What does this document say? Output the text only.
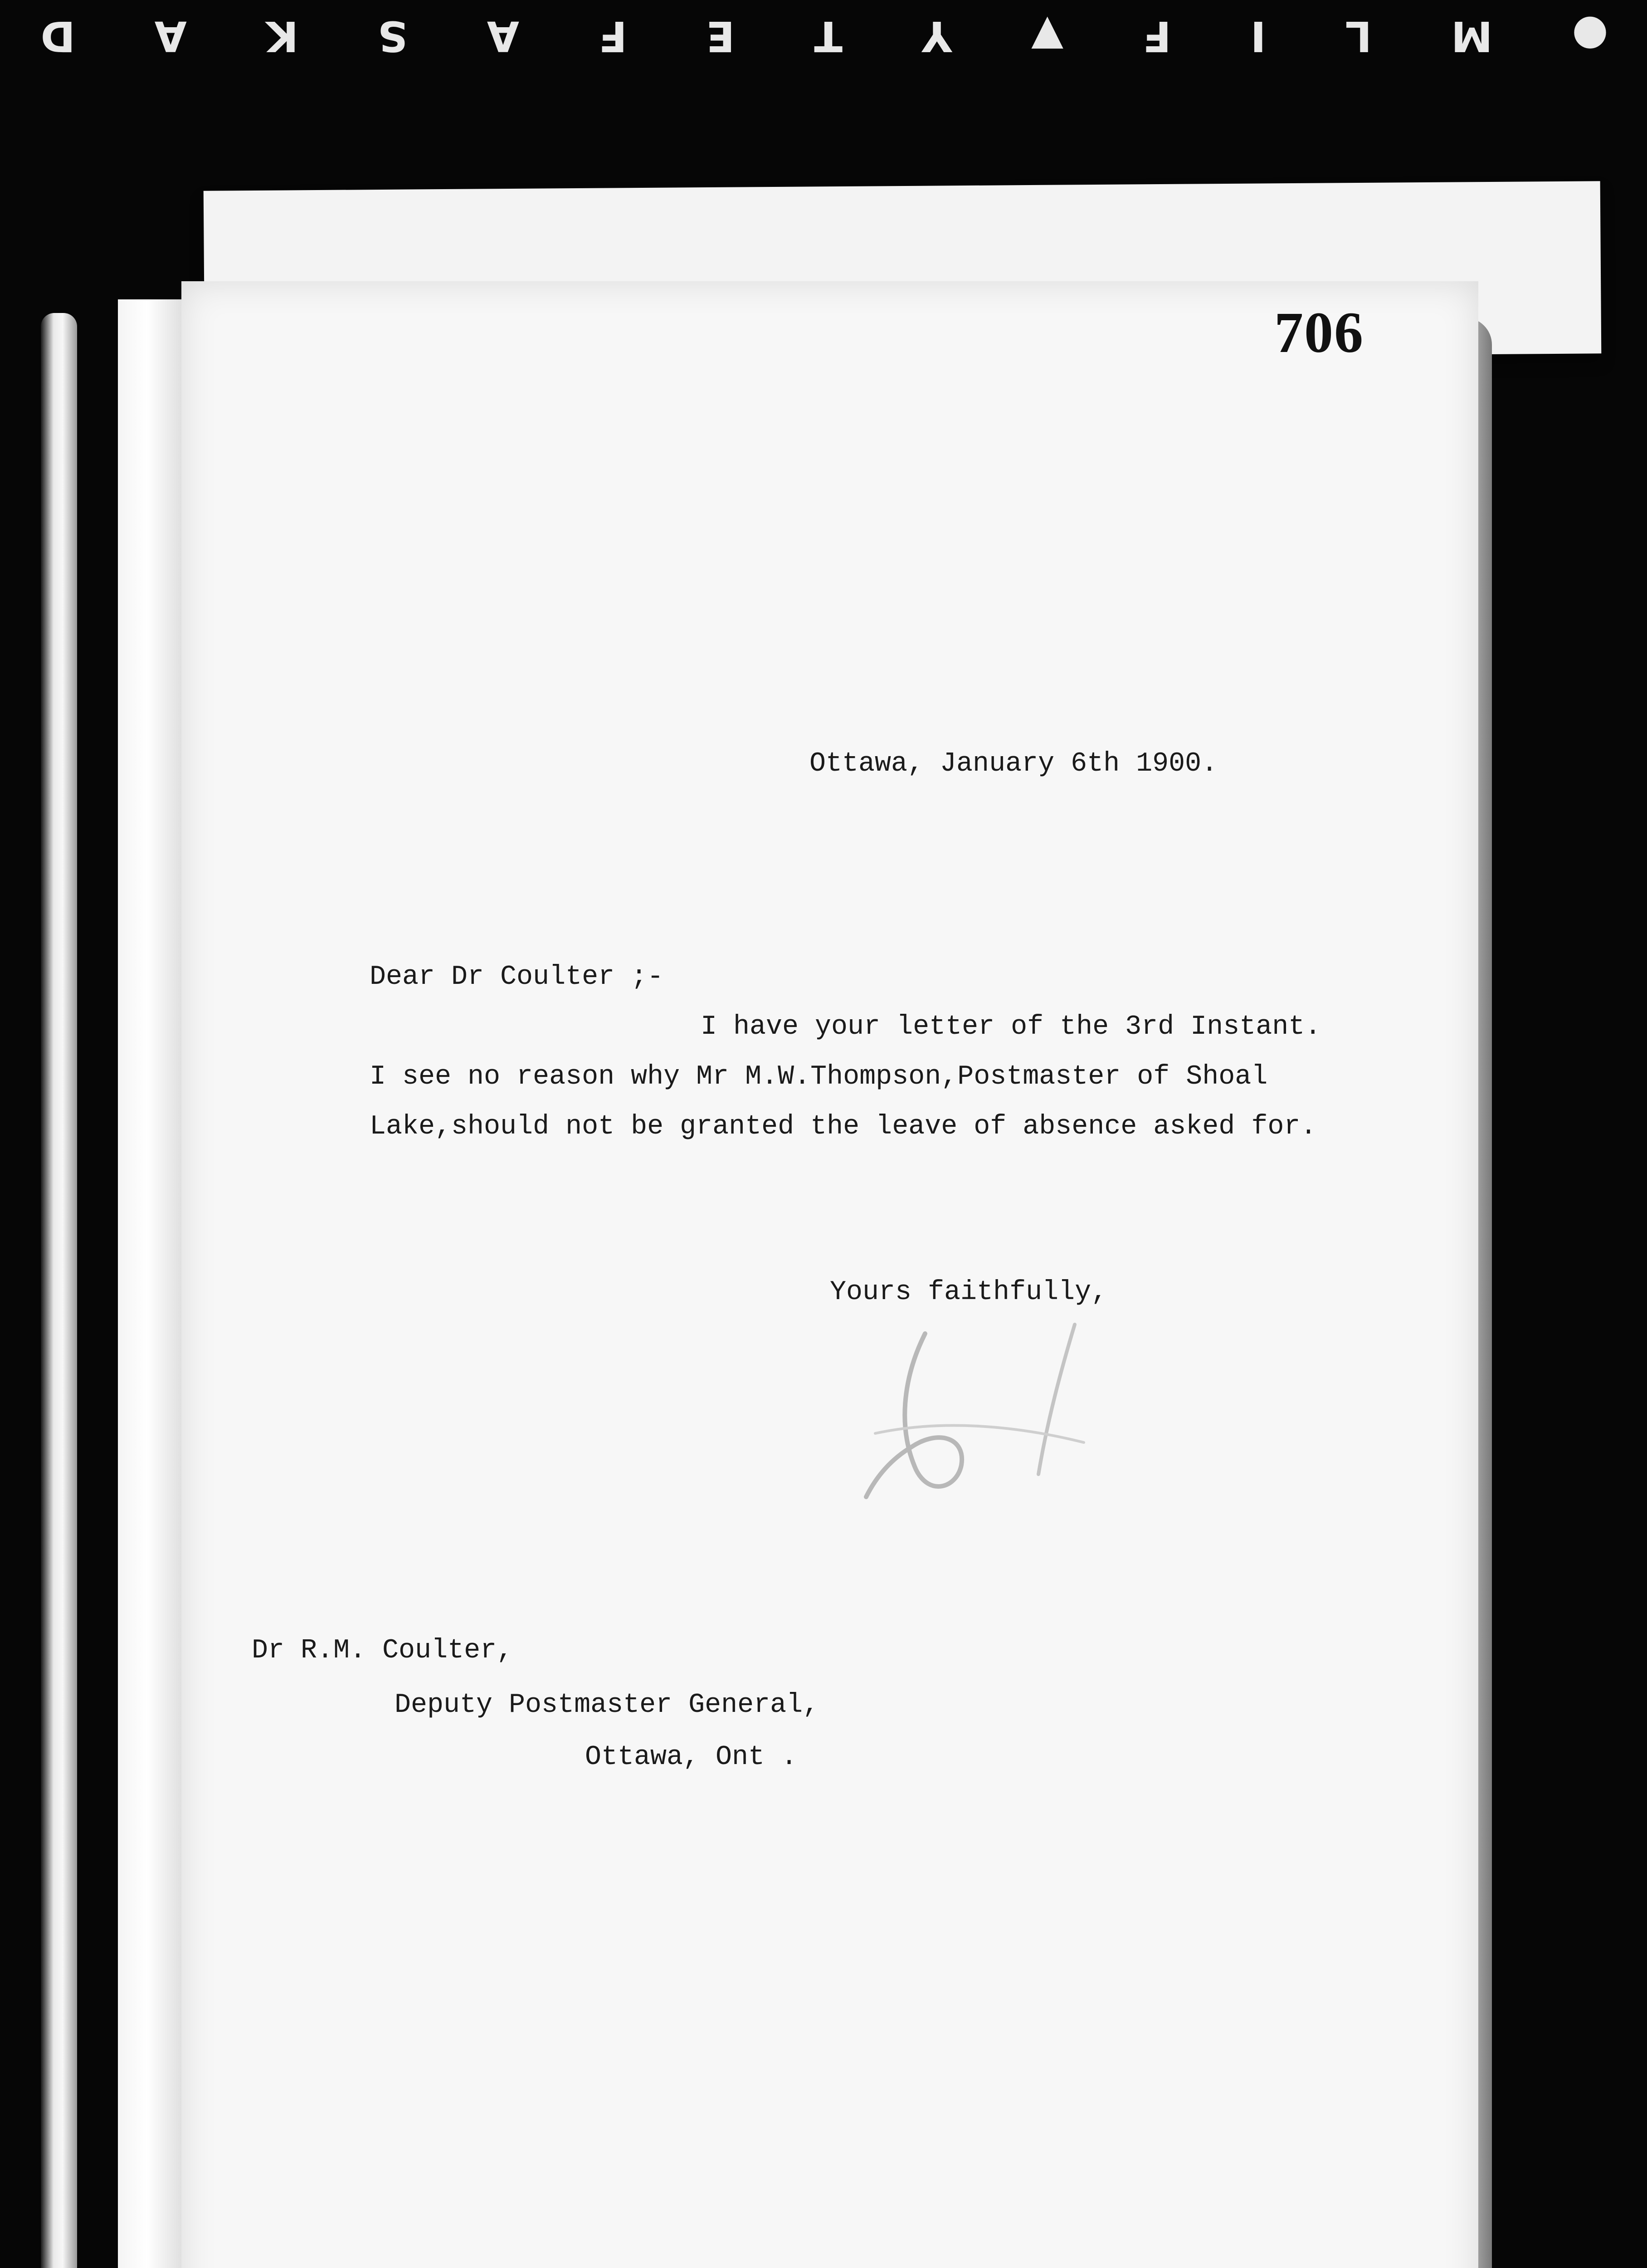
●
M
L
I
F
▼
Y
T
E
F
A
S
K
A
D
706
Ottawa, January 6th 1900.
Dear Dr Coulter ;-
I have your letter of the 3rd Instant.
I see no reason why Mr M.W.Thompson,Postmaster of Shoal
Lake,should not be granted the leave of absence asked for.
Yours faithfully,
Dr R.M. Coulter,
Deputy Postmaster General,
Ottawa, Ont .
